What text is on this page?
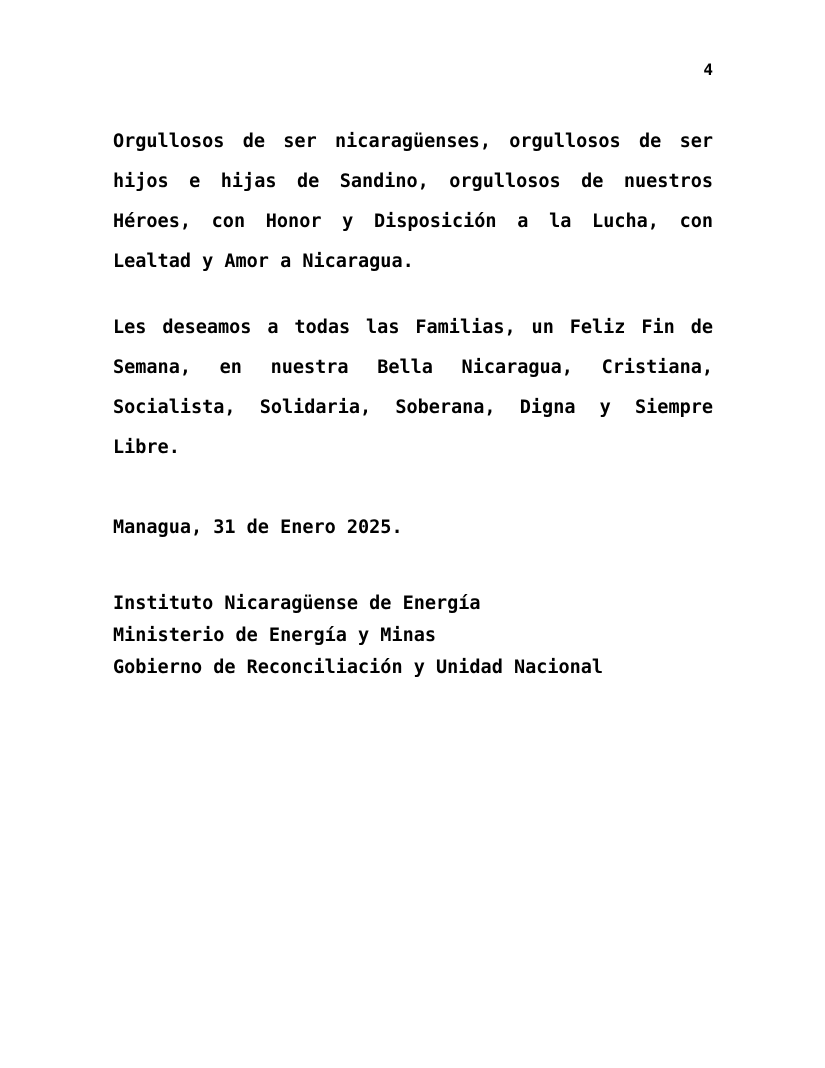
4

Orgullosos de ser nicaragüenses, orgullosos de ser hijos e hijas de Sandino, orgullosos de nuestros Héroes, con Honor y Disposición a la Lucha, con Lealtad y Amor a Nicaragua.

Les deseamos a todas las Familias, un Feliz Fin de Semana, en nuestra Bella Nicaragua, Cristiana, Socialista, Solidaria, Soberana, Digna y Siempre Libre.

Managua, 31 de Enero 2025.

Instituto Nicaragüense de Energía
Ministerio de Energía y Minas
Gobierno de Reconciliación y Unidad Nacional
